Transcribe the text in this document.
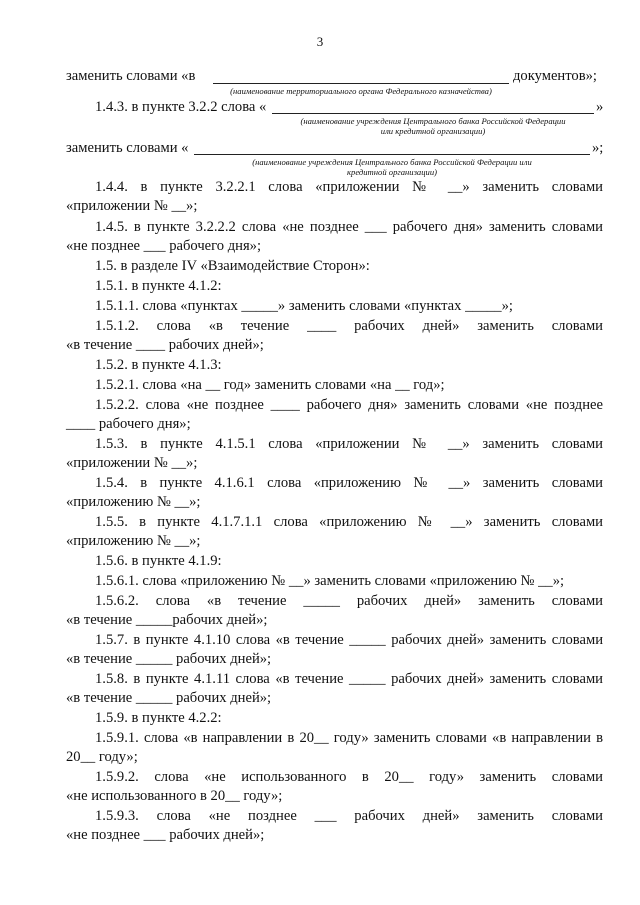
3
заменить словами «в	документов»;
(наименование территориального органа Федерального казначейства)
1.4.3. в пункте 3.2.2 слова «	»
(наименование учреждения Центрального банка Российской Федерации
или кредитной организации)
заменить словами «	»;
(наименование учреждения Центрального банка Российской Федерации или
кредитной организации)
1.4.4. в пункте 3.2.2.1 слова «приложении № __» заменить словами
«приложении № __»;
1.4.5. в пункте 3.2.2.2 слова «не позднее ___ рабочего дня» заменить словами
«не позднее ___ рабочего дня»;
1.5. в разделе IV «Взаимодействие Сторон»:
1.5.1. в пункте 4.1.2:
1.5.1.1. слова «пунктах _____» заменить словами «пунктах _____»;
1.5.1.2. слова «в течение ____ рабочих дней» заменить словами
«в течение ____ рабочих дней»;
1.5.2. в пункте 4.1.3:
1.5.2.1. слова «на __ год» заменить словами «на __ год»;
1.5.2.2. слова «не позднее ____ рабочего дня» заменить словами «не позднее
____ рабочего дня»;
1.5.3. в пункте 4.1.5.1 слова «приложении № __» заменить словами
«приложении № __»;
1.5.4. в пункте 4.1.6.1 слова «приложению № __» заменить словами
«приложению № __»;
1.5.5. в пункте 4.1.7.1.1 слова «приложению № __» заменить словами
«приложению № __»;
1.5.6. в пункте 4.1.9:
1.5.6.1. слова «приложению № __» заменить словами «приложению № __»;
1.5.6.2. слова «в течение _____ рабочих дней» заменить словами
«в течение _____рабочих дней»;
1.5.7. в пункте 4.1.10 слова «в течение _____ рабочих дней» заменить словами
«в течение _____ рабочих дней»;
1.5.8. в пункте 4.1.11 слова «в течение _____ рабочих дней» заменить словами
«в течение _____ рабочих дней»;
1.5.9. в пункте 4.2.2:
1.5.9.1. слова «в направлении в 20__ году» заменить словами «в направлении в
20__ году»;
1.5.9.2. слова «не использованного в 20__ году» заменить словами
«не использованного в 20__ году»;
1.5.9.3. слова «не позднее ___ рабочих дней» заменить словами
«не позднее ___ рабочих дней»;
